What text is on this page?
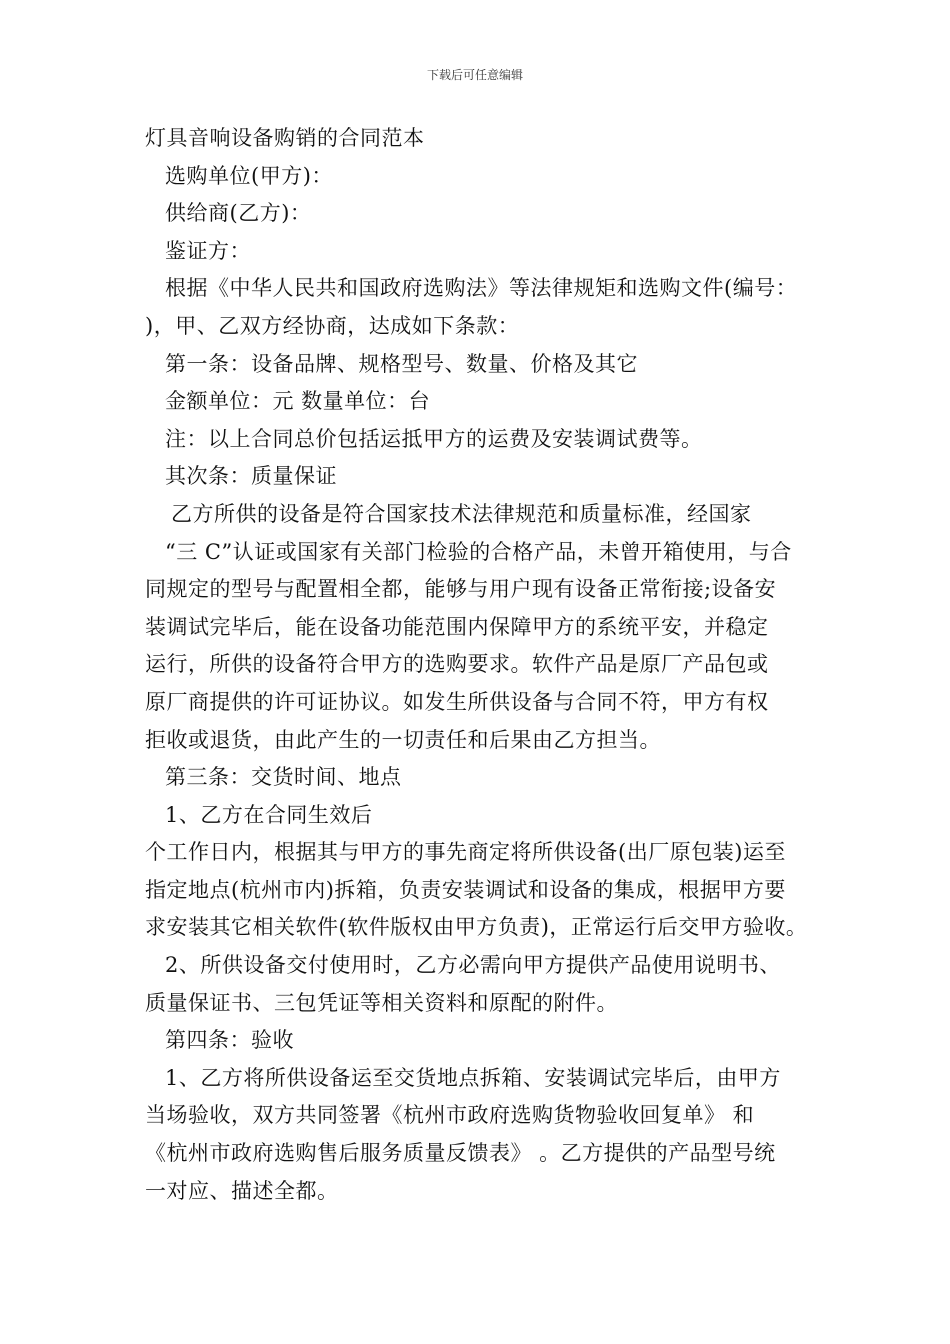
下载后可任意编辑
灯具音响设备购销的合同范本
选购单位(甲方)：
供给商(乙方)：
鉴证方：
根据《中华人民共和国政府选购法》等法律规矩和选购文件(编号：
)，甲、乙双方经协商，达成如下条款：
第一条：设备品牌、规格型号、数量、价格及其它
金额单位：元 数量单位：台
注：以上合同总价包括运抵甲方的运费及安装调试费等。
其次条：质量保证
乙方所供的设备是符合国家技术法律规范和质量标准，经国家
“三 C”认证或国家有关部门检验的合格产品，未曾开箱使用，与合
同规定的型号与配置相全都，能够与用户现有设备正常衔接;设备安
装调试完毕后，能在设备功能范围内保障甲方的系统平安，并稳定
运行，所供的设备符合甲方的选购要求。软件产品是原厂产品包或
原厂商提供的许可证协议。如发生所供设备与合同不符，甲方有权
拒收或退货，由此产生的一切责任和后果由乙方担当。
第三条：交货时间、地点
1、乙方在合同生效后
个工作日内，根据其与甲方的事先商定将所供设备(出厂原包装)运至
指定地点(杭州市内)拆箱，负责安装调试和设备的集成，根据甲方要
求安装其它相关软件(软件版权由甲方负责)，正常运行后交甲方验收。
2、所供设备交付使用时，乙方必需向甲方提供产品使用说明书、
质量保证书、三包凭证等相关资料和原配的附件。
第四条：验收
1、乙方将所供设备运至交货地点拆箱、安装调试完毕后，由甲方
当场验收，双方共同签署《杭州市政府选购货物验收回复单》 和
《杭州市政府选购售后服务质量反馈表》 。乙方提供的产品型号统
一对应、描述全都。
